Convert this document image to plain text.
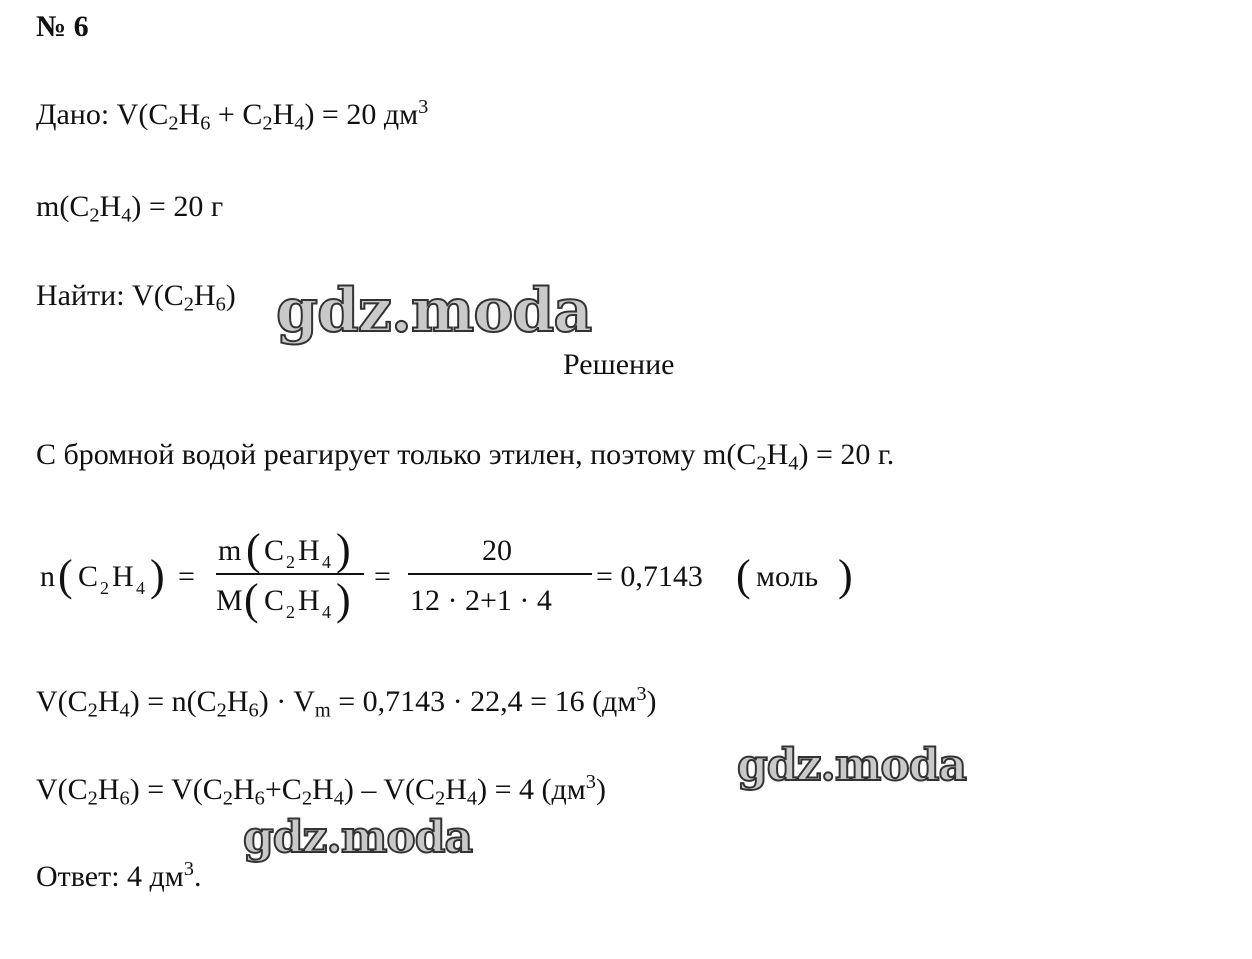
№ 6
Дано: $V(C_2H_6 + C_2H_4) = 20$ $дм^3$
$m(C_2H_4) = 20$ г
Найти: $V(C_2H_6)$ gdz.moda
Решение
С бромной водой реагирует только этилен, поэтому $m(C_2H_4) = 20$ г.
n ( C 2 H 4 ) =
m ( C 2 H 4 )
M ( C 2 H 4 ) =
20
12 · 2+1 · 4
= 0,7143 ( моль )
$V(C_2H_4) = n(C_2H_6) \cdot V_m = 0,7143 \cdot 22,4 = 16$ $(дм^3)$
$V(C_2H_6) = V(C_2H_6+C_2H_4) - V(C_2H_4) = 4$ $(дм^3)$	gdz.moda
gdz.moda
Ответ: 4 $дм^3$.
